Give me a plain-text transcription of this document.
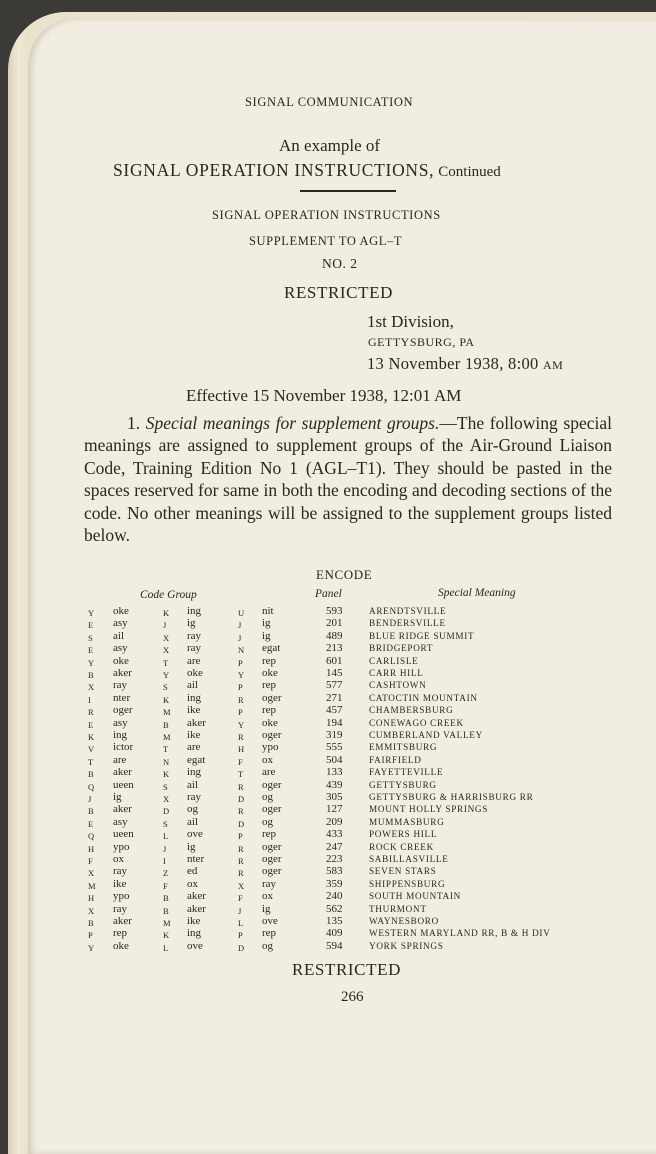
SIGNAL COMMUNICATION
An example of
SIGNAL OPERATION INSTRUCTIONS, Continued
SIGNAL OPERATION INSTRUCTIONS
SUPPLEMENT TO AGL–T
NO. 2
RESTRICTED
1st Division,
GETTYSBURG, PA
13 November 1938, 8:00 AM
Effective 15 November 1938, 12:01 AM

1. Special meanings for supplement groups.—The following special meanings are assigned to supplement groups of the Air-Ground Liaison Code, Training Edition No 1 (AGL–T1). They should be pasted in the spaces reserved for same in both the encoding and decoding sections of the code. No other meanings will be assigned to the supplement groups listed below.

ENCODE
Code Group	Panel	Special Meaning
Y oke	K ing	U nit	593	ARENDTSVILLE
E asy	J ig	J ig	201	BENDERSVILLE
S ail	X ray	J ig	489	BLUE RIDGE SUMMIT
E asy	X ray	N egat	213	BRIDGEPORT
Y oke	T are	P rep	601	CARLISLE
B aker	Y oke	Y oke	145	CARR HILL
X ray	S ail	P rep	577	CASHTOWN
I nter	K ing	R oger	271	CATOCTIN MOUNTAIN
R oger	M ike	P rep	457	CHAMBERSBURG
E asy	B aker	Y oke	194	CONEWAGO CREEK
K ing	M ike	R oger	319	CUMBERLAND VALLEY
V ictor	T are	H ypo	555	EMMITSBURG
T are	N egat	F ox	504	FAIRFIELD
B aker	K ing	T are	133	FAYETTEVILLE
Q ueen	S ail	R oger	439	GETTYSBURG
J ig	X ray	D og	305	GETTYSBURG & HARRISBURG RR
B aker	D og	R oger	127	MOUNT HOLLY SPRINGS
E asy	S ail	D og	209	MUMMASBURG
Q ueen	L ove	P rep	433	POWERS HILL
H ypo	J ig	R oger	247	ROCK CREEK
F ox	I nter	R oger	223	SABILLASVILLE
X ray	Z ed	R oger	583	SEVEN STARS
M ike	F ox	X ray	359	SHIPPENSBURG
H ypo	B aker	F ox	240	SOUTH MOUNTAIN
X ray	B aker	J ig	562	THURMONT
B aker	M ike	L ove	135	WAYNESBORO
P rep	K ing	P rep	409	WESTERN MARYLAND RR, B & H DIV
Y oke	L ove	D og	594	YORK SPRINGS
RESTRICTED
266
